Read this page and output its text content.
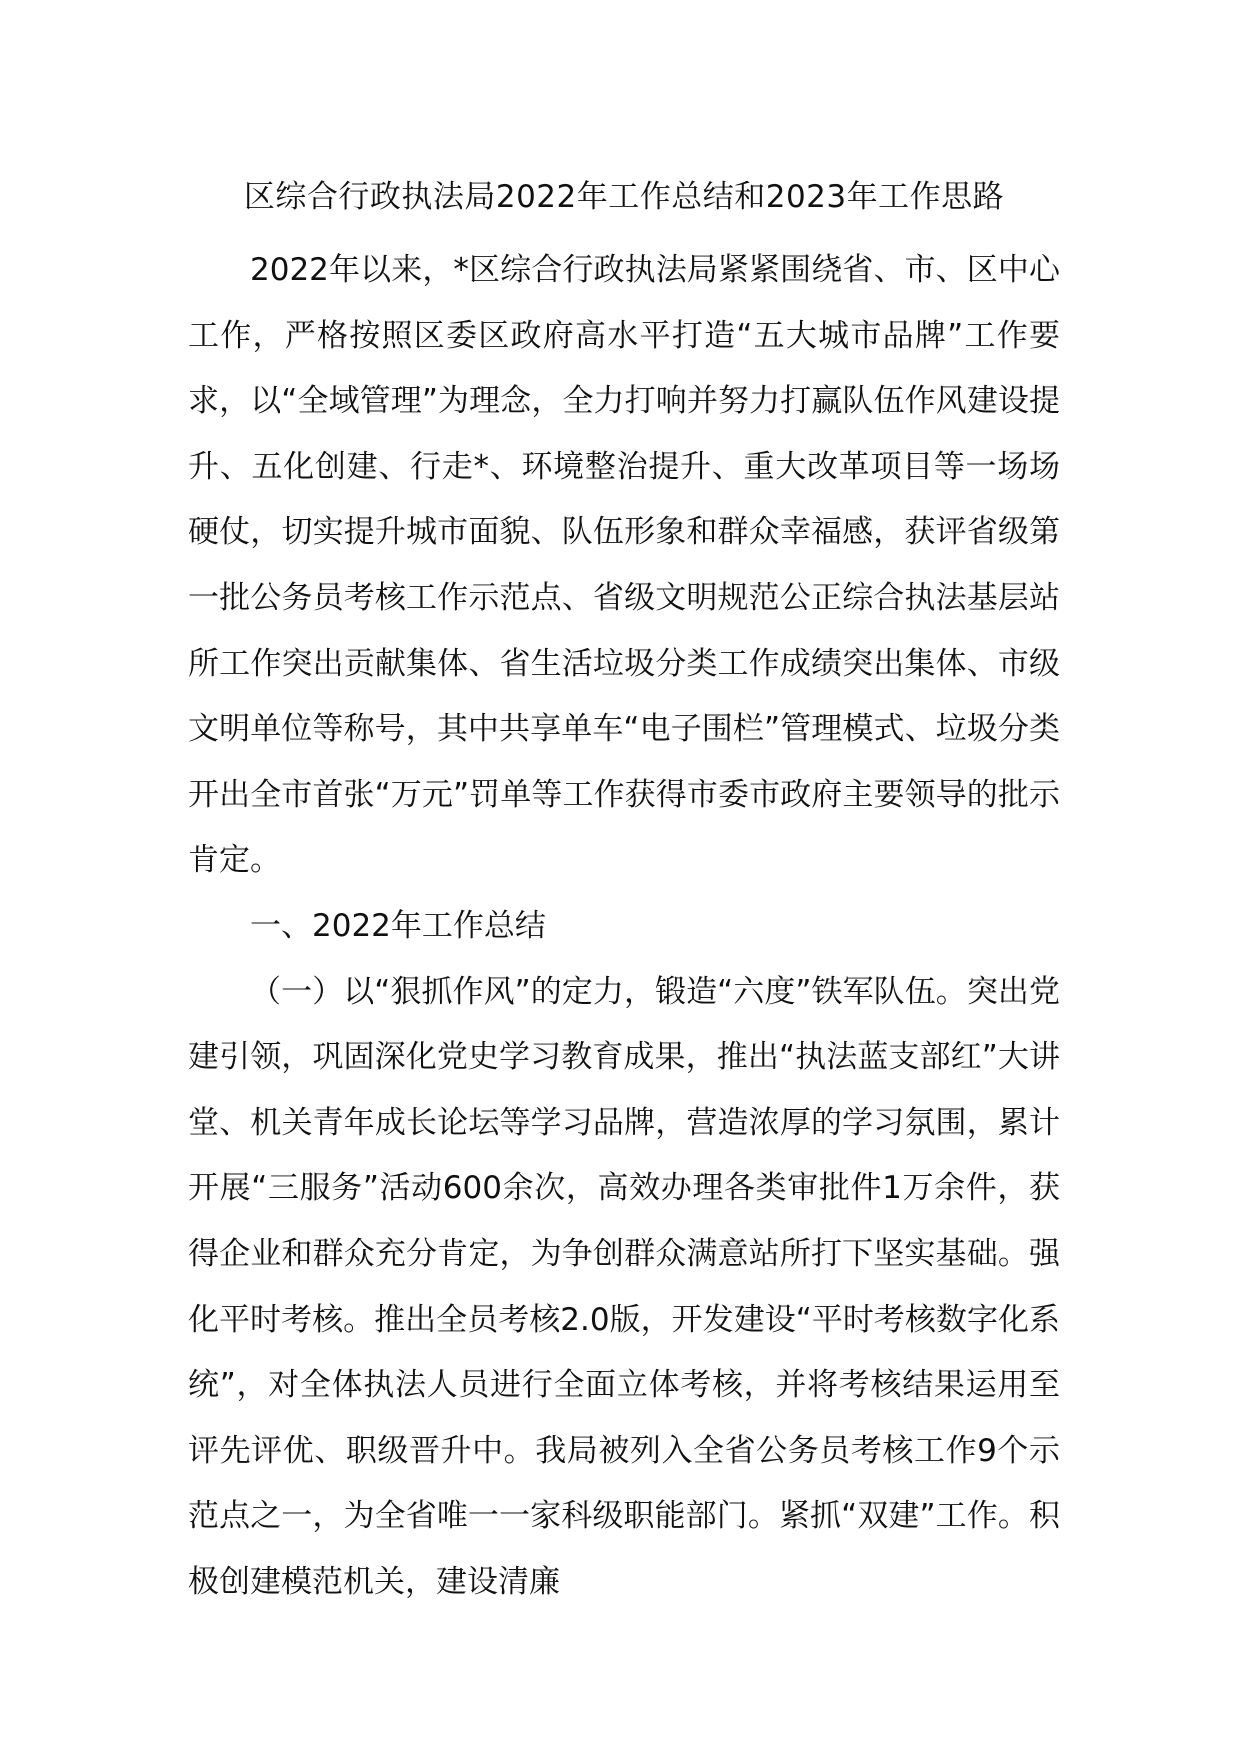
区综合行政执法局2022年工作总结和2023年工作思路

2022年以来，*区综合行政执法局紧紧围绕省、市、区中心工作，严格按照区委区政府高水平打造“五大城市品牌”工作要求，以“全域管理”为理念，全力打响并努力打赢队伍作风建设提升、五化创建、行走*、环境整治提升、重大改革项目等一场场硬仗，切实提升城市面貌、队伍形象和群众幸福感，获评省级第一批公务员考核工作示范点、省级文明规范公正综合执法基层站所工作突出贡献集体、省生活垃圾分类工作成绩突出集体、市级文明单位等称号，其中共享单车“电子围栏”管理模式、垃圾分类开出全市首张“万元”罚单等工作获得市委市政府主要领导的批示肯定。

一、2022年工作总结

（一）以“狠抓作风”的定力，锻造“六度”铁军队伍。突出党建引领，巩固深化党史学习教育成果，推出“执法蓝支部红”大讲堂、机关青年成长论坛等学习品牌，营造浓厚的学习氛围，累计开展“三服务”活动600余次，高效办理各类审批件1万余件，获得企业和群众充分肯定，为争创群众满意站所打下坚实基础。强化平时考核。推出全员考核2.0版，开发建设“平时考核数字化系统”，对全体执法人员进行全面立体考核，并将考核结果运用至评先评优、职级晋升中。我局被列入全省公务员考核工作9个示范点之一，为全省唯一一家科级职能部门。紧抓“双建”工作。积极创建模范机关，建设清廉
